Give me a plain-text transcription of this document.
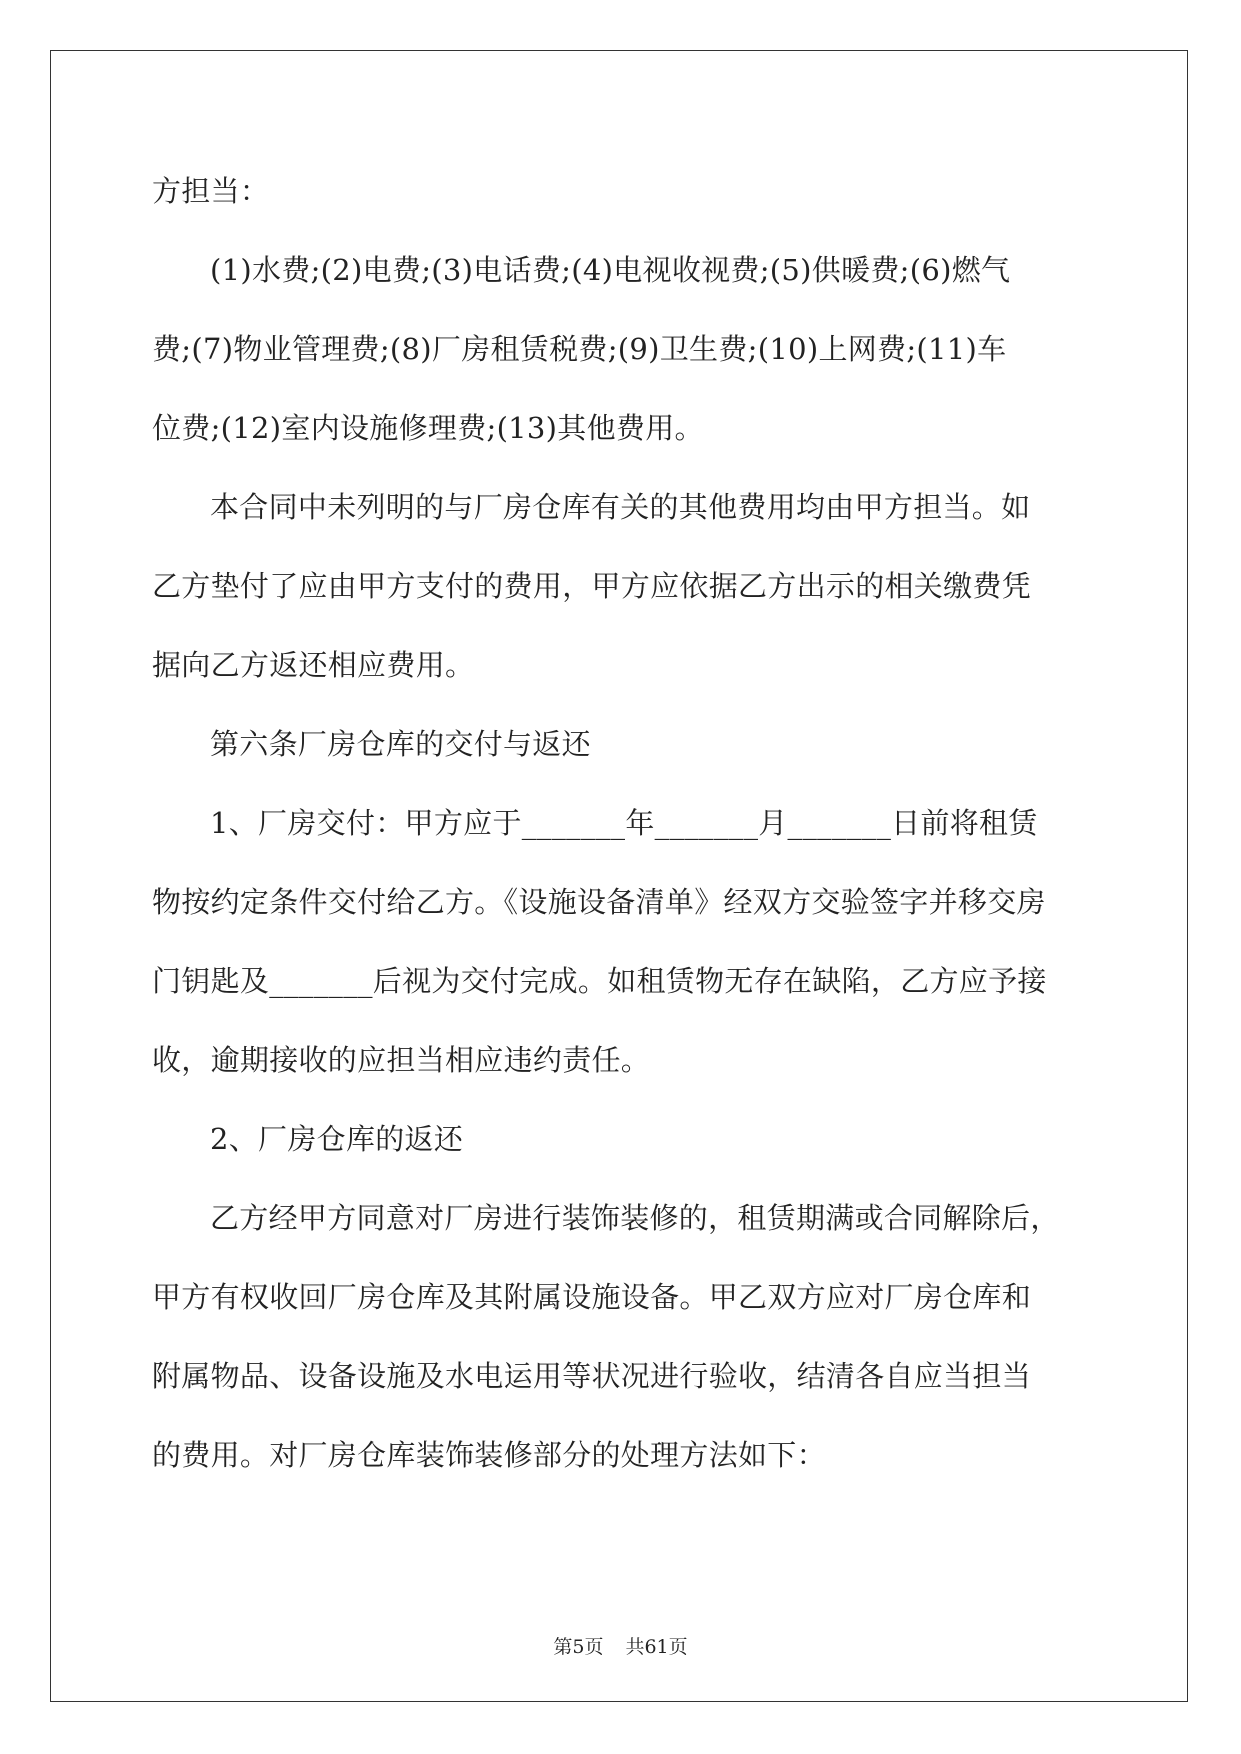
方担当：
(1)水费;(2)电费;(3)电话费;(4)电视收视费;(5)供暖费;(6)燃气
费;(7)物业管理费;(8)厂房租赁税费;(9)卫生费;(10)上网费;(11)车
位费;(12)室内设施修理费;(13)其他费用。
本合同中未列明的与厂房仓库有关的其他费用均由甲方担当。如
乙方垫付了应由甲方支付的费用，甲方应依据乙方出示的相关缴费凭
据向乙方返还相应费用。
第六条厂房仓库的交付与返还
1、厂房交付：甲方应于_______年_______月_______日前将租赁
物按约定条件交付给乙方。《设施设备清单》经双方交验签字并移交房
门钥匙及_______后视为交付完成。如租赁物无存在缺陷，乙方应予接
收，逾期接收的应担当相应违约责任。
2、厂房仓库的返还
乙方经甲方同意对厂房进行装饰装修的，租赁期满或合同解除后，
甲方有权收回厂房仓库及其附属设施设备。甲乙双方应对厂房仓库和
附属物品、设备设施及水电运用等状况进行验收，结清各自应当担当
的费用。对厂房仓库装饰装修部分的处理方法如下：
第5页 共61页
